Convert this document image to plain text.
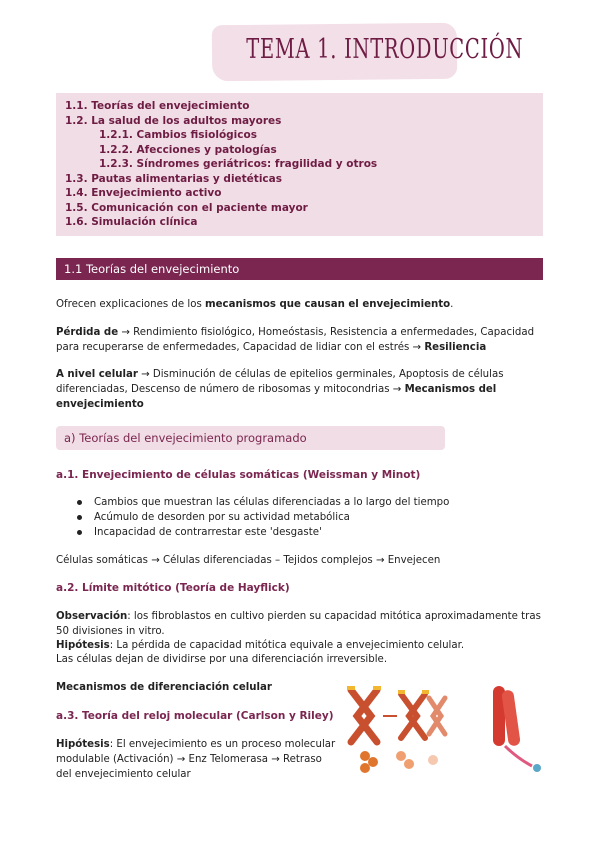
TEMA 1. INTRODUCCIÓN
1.1. Teorías del envejecimiento
1.2. La salud de los adultos mayores
1.2.1. Cambios fisiológicos
1.2.2. Afecciones y patologías
1.2.3. Síndromes geriátricos: fragilidad y otros
1.3. Pautas alimentarias y dietéticas
1.4. Envejecimiento activo
1.5. Comunicación con el paciente mayor
1.6. Simulación clínica
1.1 Teorías del envejecimiento
Ofrecen explicaciones de los mecanismos que causan el envejecimiento.
Pérdida de → Rendimiento fisiológico, Homeóstasis, Resistencia a enfermedades, Capacidad para recuperarse de enfermedades, Capacidad de lidiar con el estrés → Resiliencia
A nivel celular → Disminución de células de epitelios germinales, Apoptosis de células diferenciadas, Descenso de número de ribosomas y mitocondrias → Mecanismos del envejecimiento
a) Teorías del envejecimiento programado
a.1. Envejecimiento de células somáticas (Weissman y Minot)
Cambios que muestran las células diferenciadas a lo largo del tiempo
Acúmulo de desorden por su actividad metabólica
Incapacidad de contrarrestar este 'desgaste'
Células somáticas → Células diferenciadas – Tejidos complejos → Envejecen
a.2. Límite mitótico (Teoría de Hayflick)
Observación: los fibroblastos en cultivo pierden su capacidad mitótica aproximadamente tras 50 divisiones in vitro.
Hipótesis: La pérdida de capacidad mitótica equivale a envejecimiento celular.
Las células dejan de dividirse por una diferenciación irreversible.
Mecanismos de diferenciación celular
a.3. Teoría del reloj molecular (Carlson y Riley)
Hipótesis: El envejecimiento es un proceso molecular modulable (Activación) → Enz Telomerasa → Retraso del envejecimiento celular
